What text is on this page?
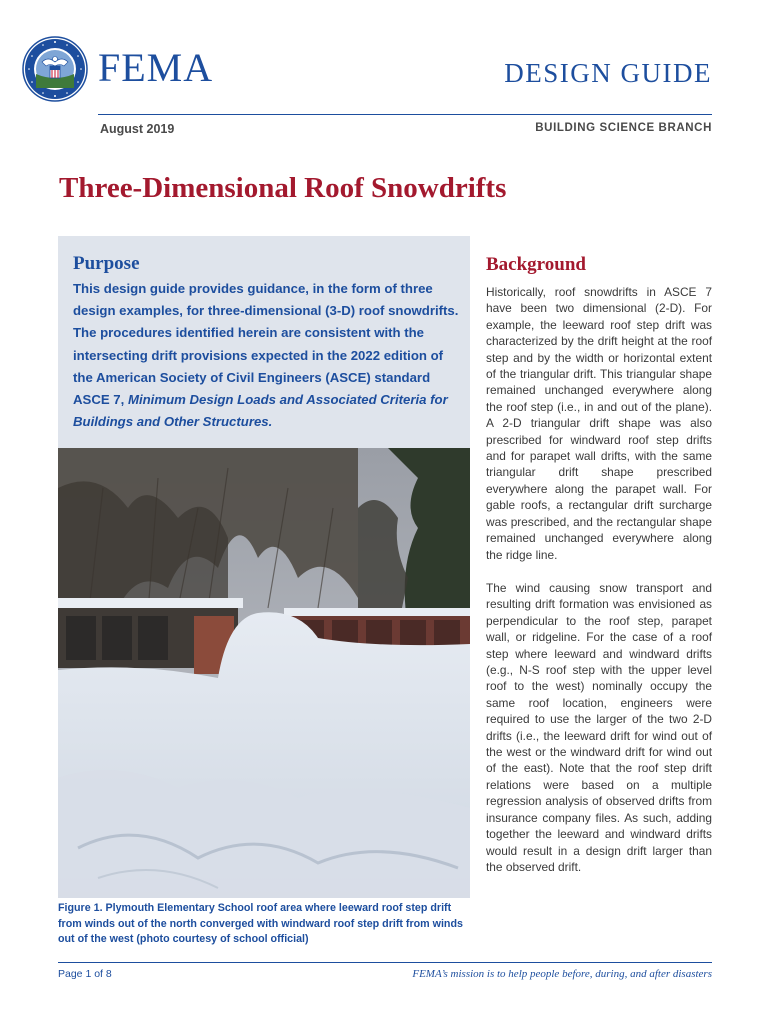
FEMA	DESIGN GUIDE
August 2019	BUILDING SCIENCE BRANCH
Three-Dimensional Roof Snowdrifts
Purpose

This design guide provides guidance, in the form of three design examples, for three-dimensional (3-D) roof snowdrifts. The procedures identified herein are consistent with the intersecting drift provisions expected in the 2022 edition of the American Society of Civil Engineers (ASCE) standard ASCE 7, Minimum Design Loads and Associated Criteria for Buildings and Other Structures.

Figure 1. Plymouth Elementary School roof area where leeward roof step drift from winds out of the north converged with windward roof step drift from winds out of the west (photo courtesy of school official)

Background

Historically, roof snowdrifts in ASCE 7 have been two dimensional (2-D). For example, the leeward roof step drift was characterized by the drift height at the roof step and by the width or horizontal extent of the triangular drift. This triangular shape remained unchanged everywhere along the roof step (i.e., in and out of the plane). A 2-D triangular drift shape was also prescribed for windward roof step drifts and for parapet wall drifts, with the same triangular drift shape prescribed everywhere along the parapet wall. For gable roofs, a rectangular drift surcharge was prescribed, and the rectangular shape remained unchanged everywhere along the ridge line.

The wind causing snow transport and resulting drift formation was envisioned as perpendicular to the roof step, parapet wall, or ridgeline. For the case of a roof step where leeward and windward drifts (e.g., N-S roof step with the upper level roof to the west) nominally occupy the same roof location, engineers were required to use the larger of the two 2-D drifts (i.e., the leeward drift for wind out of the west or the windward drift for wind out of the east). Note that the roof step drift relations were based on a multiple regression analysis of observed drifts from insurance company files. As such, adding together the leeward and windward drifts would result in a design drift larger than the observed drift.

Page 1 of 8	FEMA’s mission is to help people before, during, and after disasters
